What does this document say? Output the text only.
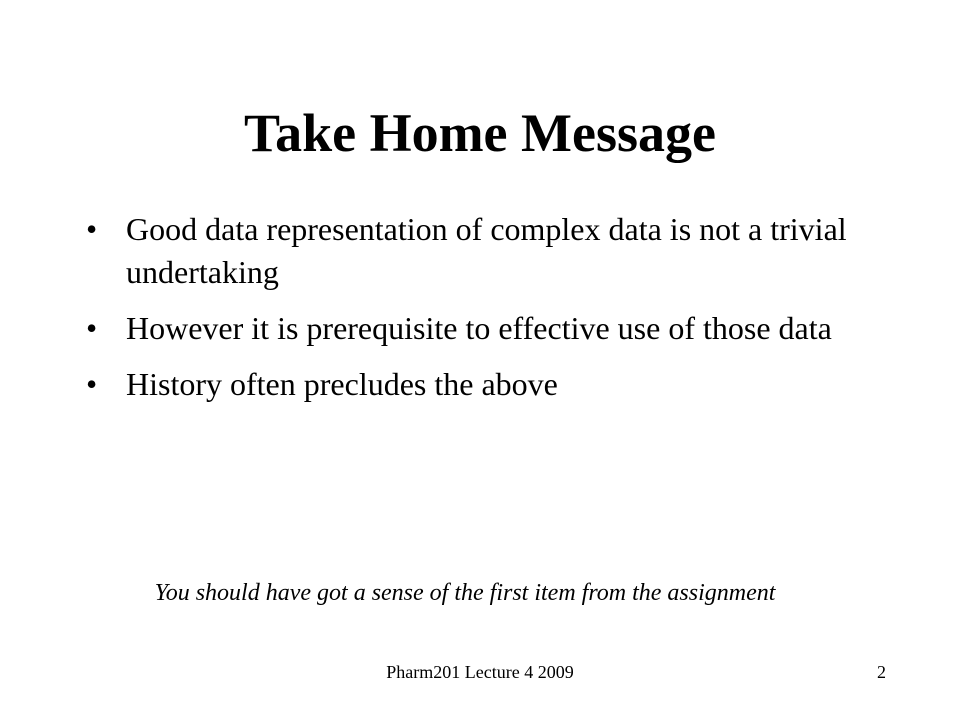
Take Home Message
• Good data representation of complex data is not a trivial undertaking
• However it is prerequisite to effective use of those data
• History often precludes the above
You should have got a sense of the first item from the assignment
Pharm201 Lecture 4 2009	2
